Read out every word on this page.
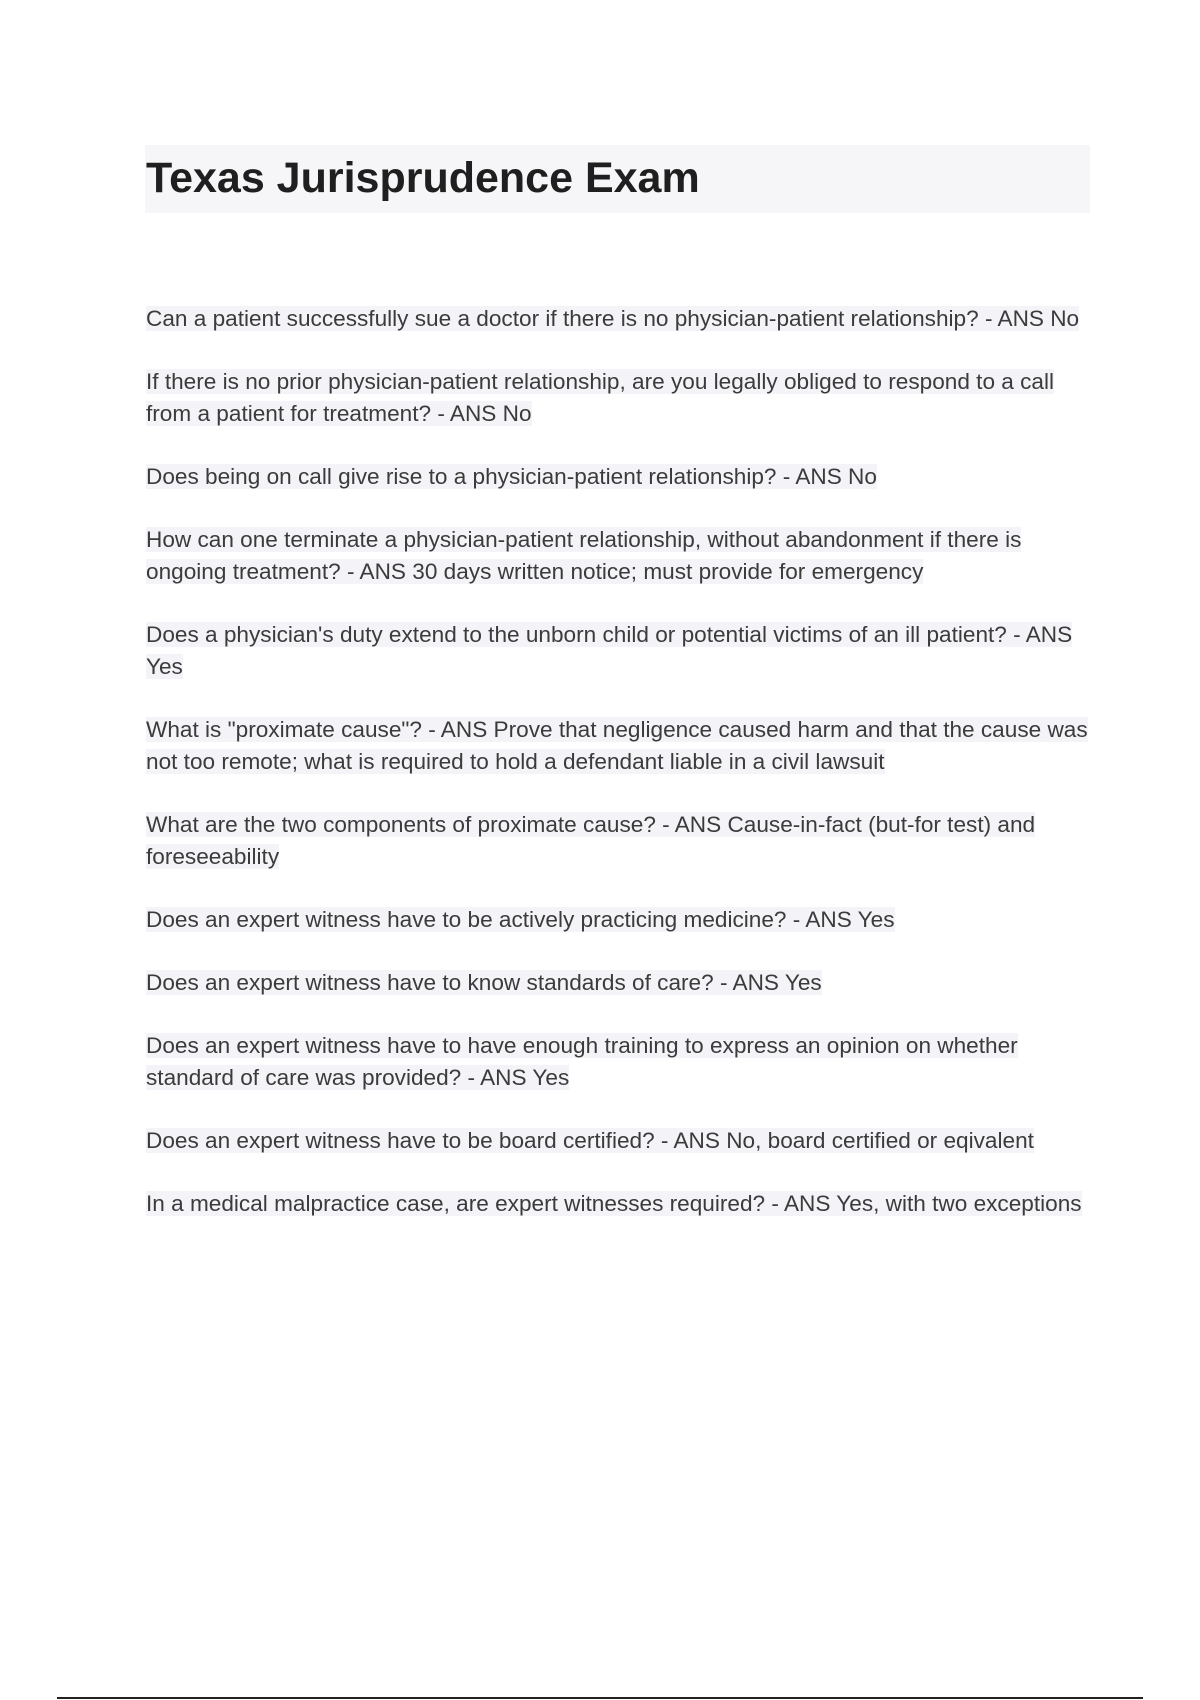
Texas Jurisprudence Exam
Can a patient successfully sue a doctor if there is no physician-patient relationship? - ANS No
If there is no prior physician-patient relationship, are you legally obliged to respond to a call from a patient for treatment? - ANS No
Does being on call give rise to a physician-patient relationship? - ANS No
How can one terminate a physician-patient relationship, without abandonment if there is ongoing treatment? - ANS 30 days written notice; must provide for emergency
Does a physician's duty extend to the unborn child or potential victims of an ill patient? - ANS Yes
What is "proximate cause"? - ANS Prove that negligence caused harm and that the cause was not too remote; what is required to hold a defendant liable in a civil lawsuit
What are the two components of proximate cause? - ANS Cause-in-fact (but-for test) and foreseeability
Does an expert witness have to be actively practicing medicine? - ANS Yes
Does an expert witness have to know standards of care? - ANS Yes
Does an expert witness have to have enough training to express an opinion on whether standard of care was provided? - ANS Yes
Does an expert witness have to be board certified? - ANS No, board certified or eqivalent
In a medical malpractice case, are expert witnesses required? - ANS Yes, with two exceptions
